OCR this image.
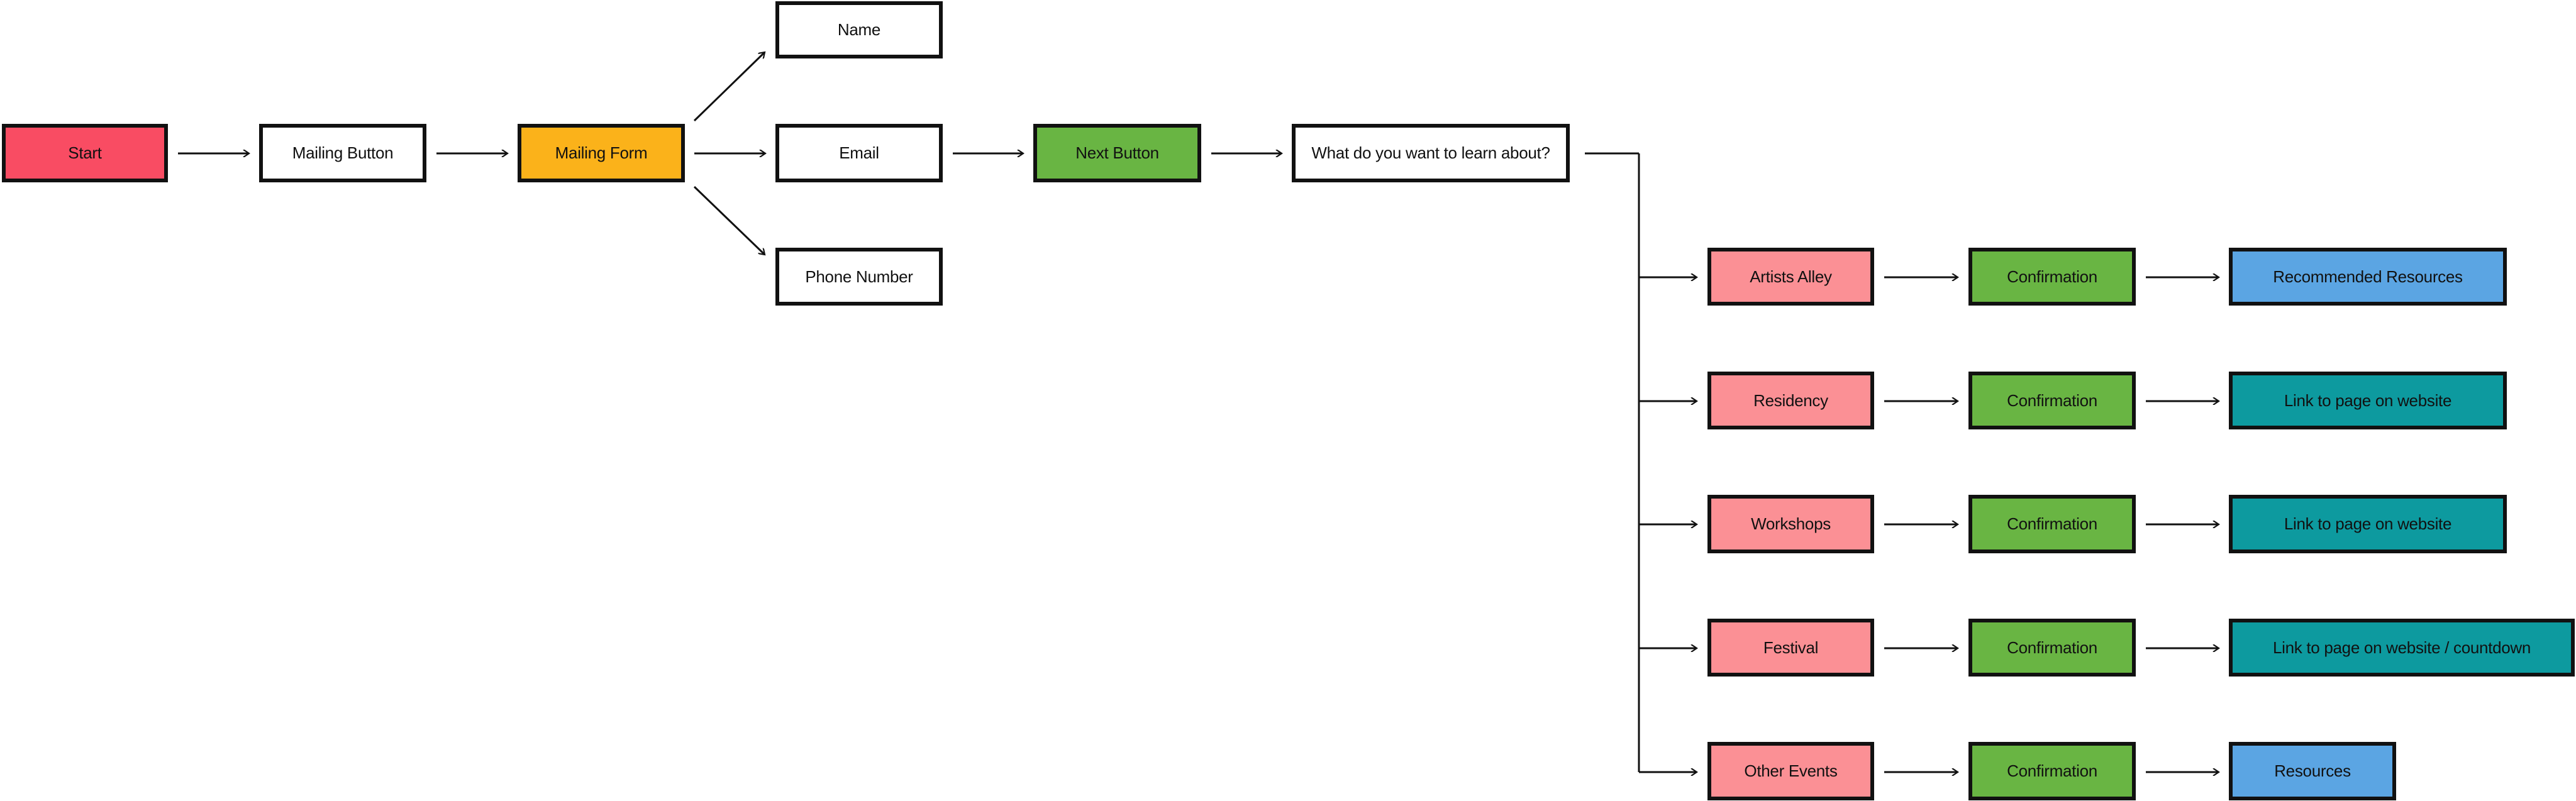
Start	Mailing Button	Mailing Form
Name
Email
Phone Number
Next Button	What do you want to learn about?
Artists Alley	Confirmation	Recommended Resources
Residency	Confirmation	Link to page on website
Workshops	Confirmation	Link to page on website
Festival	Confirmation	Link to page on website / countdown
Other Events	Confirmation	Resources
